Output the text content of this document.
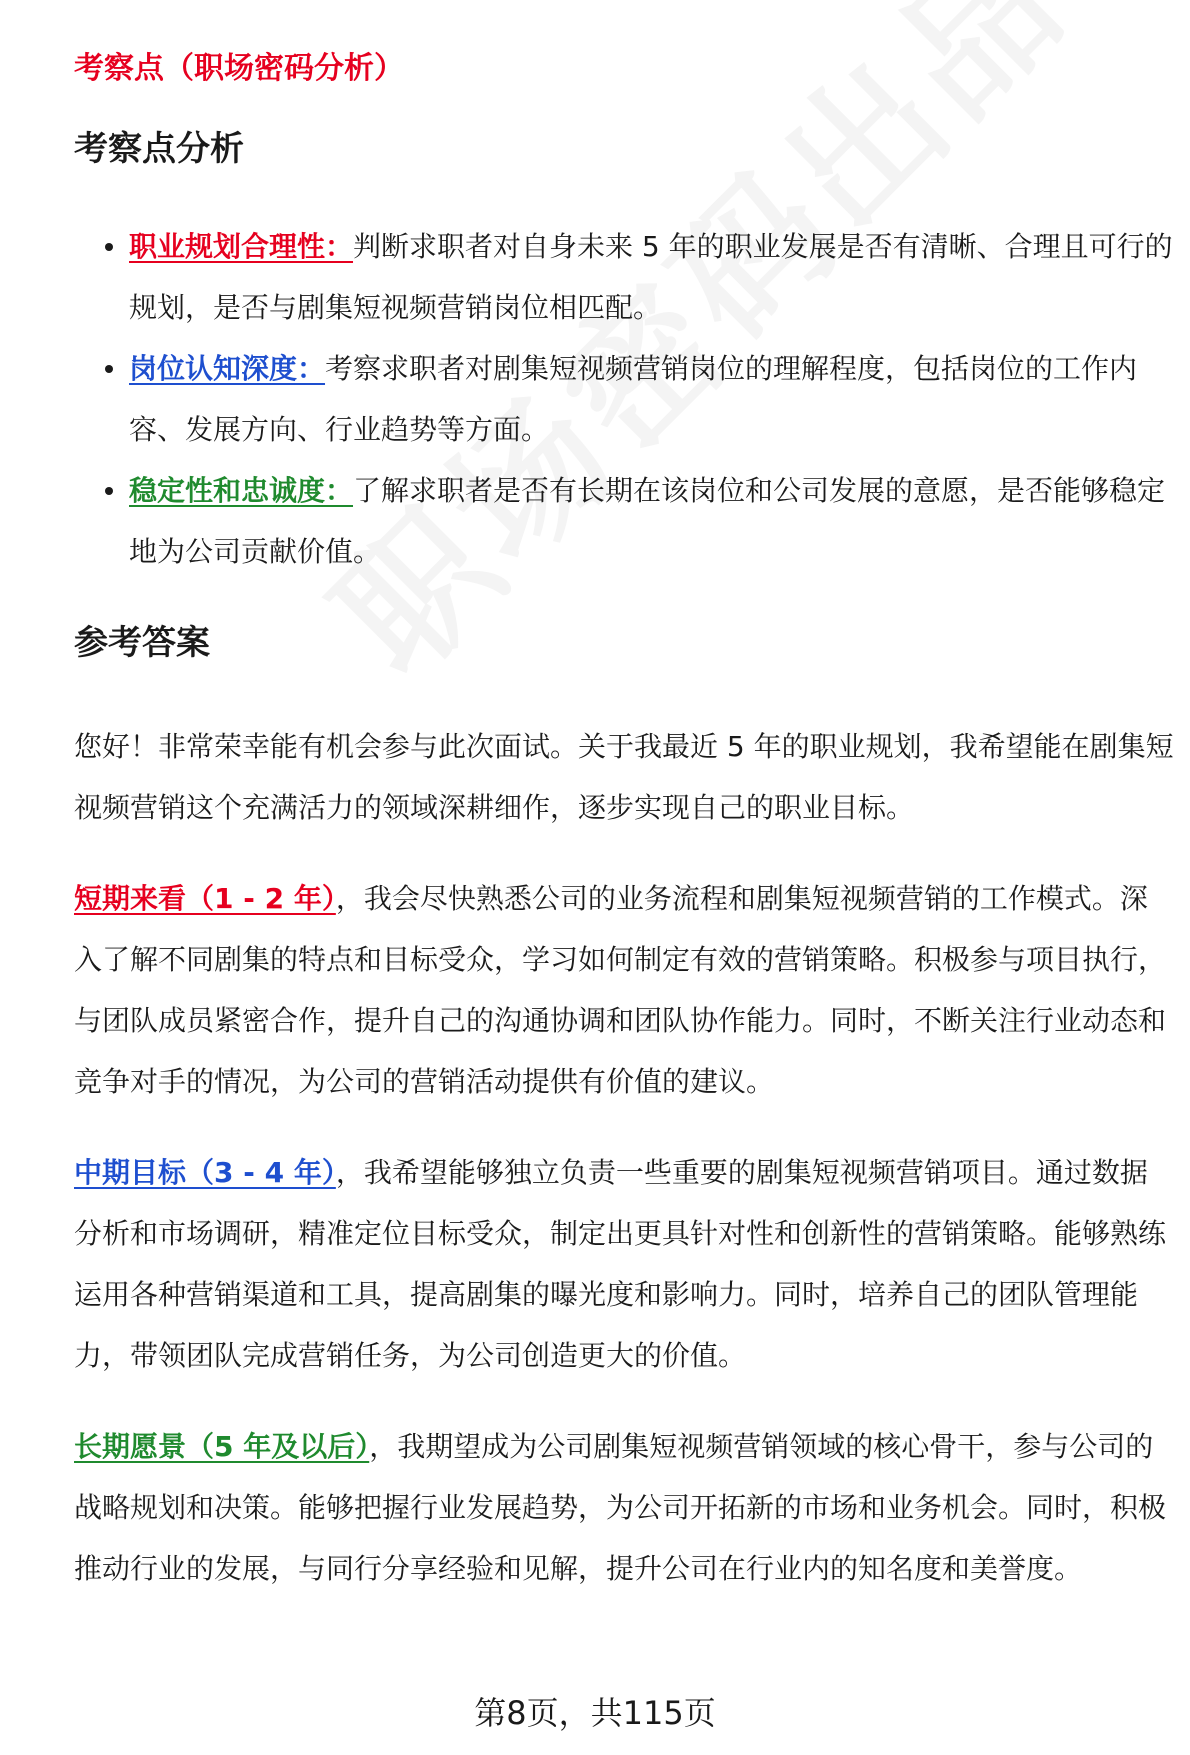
考察点（职场密码分析）
考察点分析
职业规划合理性：判断求职者对自身未来 5 年的职业发展是否有清晰、合理且可行的规划，是否与剧集短视频营销岗位相匹配。
岗位认知深度：考察求职者对剧集短视频营销岗位的理解程度，包括岗位的工作内容、发展方向、行业趋势等方面。
稳定性和忠诚度：了解求职者是否有长期在该岗位和公司发展的意愿，是否能够稳定地为公司贡献价值。
参考答案

您好！非常荣幸能有机会参与此次面试。关于我最近 5 年的职业规划，我希望能在剧集短视频营销这个充满活力的领域深耕细作，逐步实现自己的职业目标。

短期来看（1 - 2 年），我会尽快熟悉公司的业务流程和剧集短视频营销的工作模式。深入了解不同剧集的特点和目标受众，学习如何制定有效的营销策略。积极参与项目执行，与团队成员紧密合作，提升自己的沟通协调和团队协作能力。同时，不断关注行业动态和竞争对手的情况，为公司的营销活动提供有价值的建议。

中期目标（3 - 4 年），我希望能够独立负责一些重要的剧集短视频营销项目。通过数据分析和市场调研，精准定位目标受众，制定出更具针对性和创新性的营销策略。能够熟练运用各种营销渠道和工具，提高剧集的曝光度和影响力。同时，培养自己的团队管理能力，带领团队完成营销任务，为公司创造更大的价值。

长期愿景（5 年及以后），我期望成为公司剧集短视频营销领域的核心骨干，参与公司的战略规划和决策。能够把握行业发展趋势，为公司开拓新的市场和业务机会。同时，积极推动行业的发展，与同行分享经验和见解，提升公司在行业内的知名度和美誉度。

第8页，共115页
